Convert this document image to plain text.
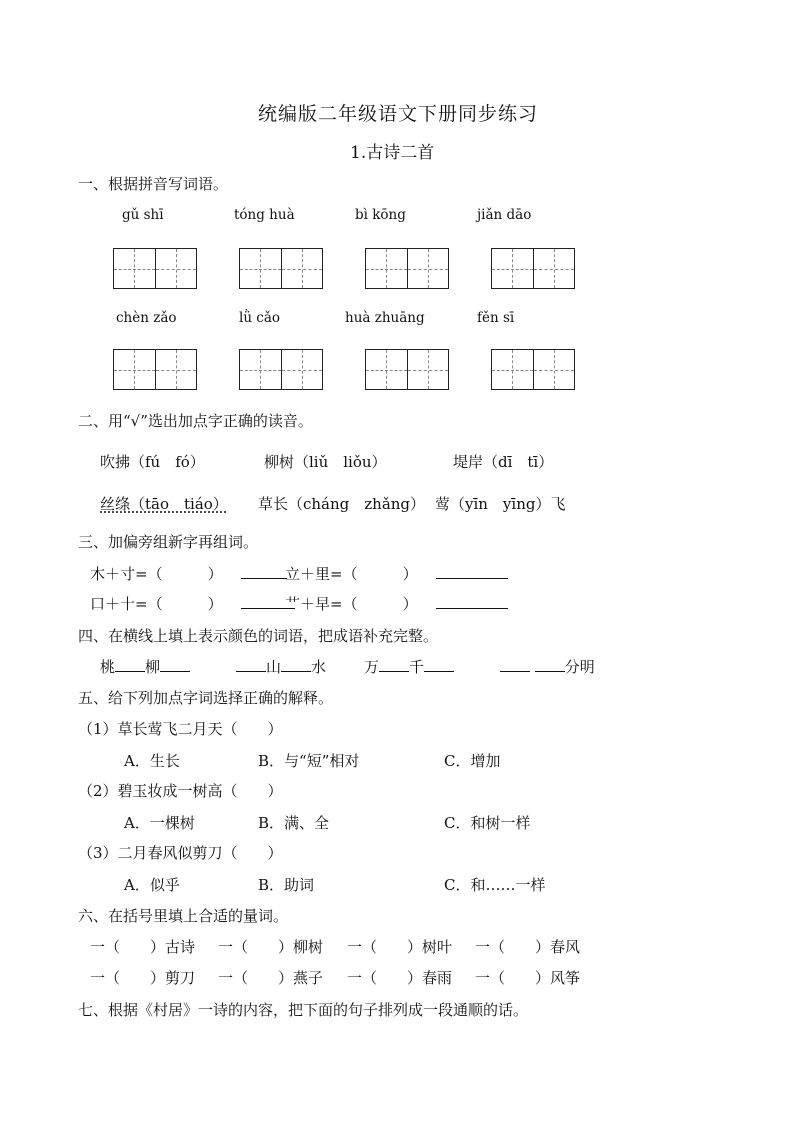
统编版二年级语文下册同步练习
1.古诗二首
一、根据拼音写词语。
gǔ shī	tóng huà	bì kōng	jiǎn dāo
chèn zǎo	lǜ cǎo	huà zhuāng	fěn sī
二、用“√”选出加点字正确的读音。
吹拂（fú　fó）	柳树（liǔ　liǒu）	堤岸（dī　tī）
丝绦（tāo　tiáo） 草长（cháng　zhǎng） 莺（yīn　yīng）飞
三、加偏旁组新字再组词。
木＋寸=（　　　）	立＋里=（　　　）
口＋十=（　　　）	艹＋早=（　　　）
四、在横线上填上表示颜色的词语，把成语补充完整。
桃 柳	山 水	万 千	分明
五、给下列加点字词选择正确的解释。
（1）草长莺飞二月天（　　）
A．生长	B．与“短”相对	C．增加
（2）碧玉妆成一树高（　　）
A．一棵树	B．满、全	C．和树一样
（3）二月春风似剪刀（　　）
A．似乎	B．助词	C．和……一样
六、在括号里填上合适的量词。
一（　　）古诗 一（　　）柳树 一（　　）树叶 一（　　）春风
一（　　）剪刀 一（　　）燕子 一（　　）春雨 一（　　）风筝
七、根据《村居》一诗的内容，把下面的句子排列成一段通顺的话。
